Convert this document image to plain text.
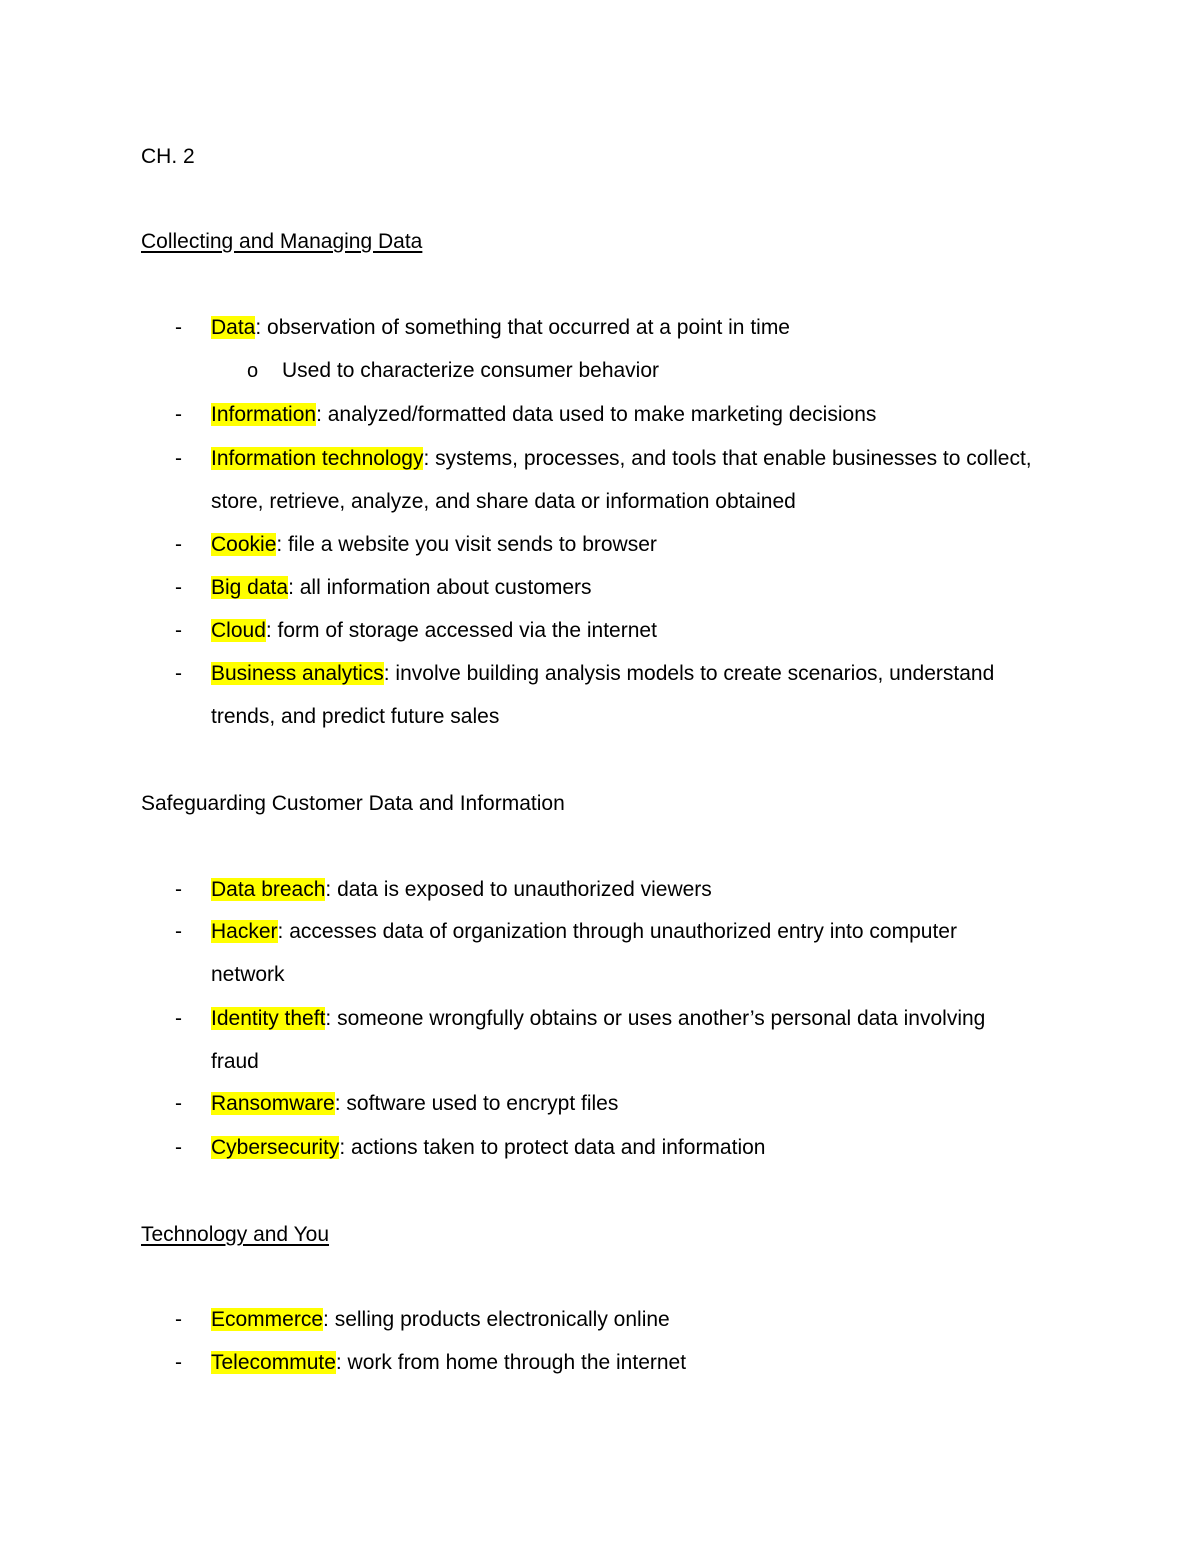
CH. 2
Collecting and Managing Data
- Data: observation of something that occurred at a point in time
o Used to characterize consumer behavior
- Information: analyzed/formatted data used to make marketing decisions
- Information technology: systems, processes, and tools that enable businesses to collect,
store, retrieve, analyze, and share data or information obtained
- Cookie: file a website you visit sends to browser
- Big data: all information about customers
- Cloud: form of storage accessed via the internet
- Business analytics: involve building analysis models to create scenarios, understand
trends, and predict future sales
Safeguarding Customer Data and Information
- Data breach: data is exposed to unauthorized viewers
- Hacker: accesses data of organization through unauthorized entry into computer
network
- Identity theft: someone wrongfully obtains or uses another’s personal data involving
fraud
- Ransomware: software used to encrypt files
- Cybersecurity: actions taken to protect data and information
Technology and You
- Ecommerce: selling products electronically online
- Telecommute: work from home through the internet
